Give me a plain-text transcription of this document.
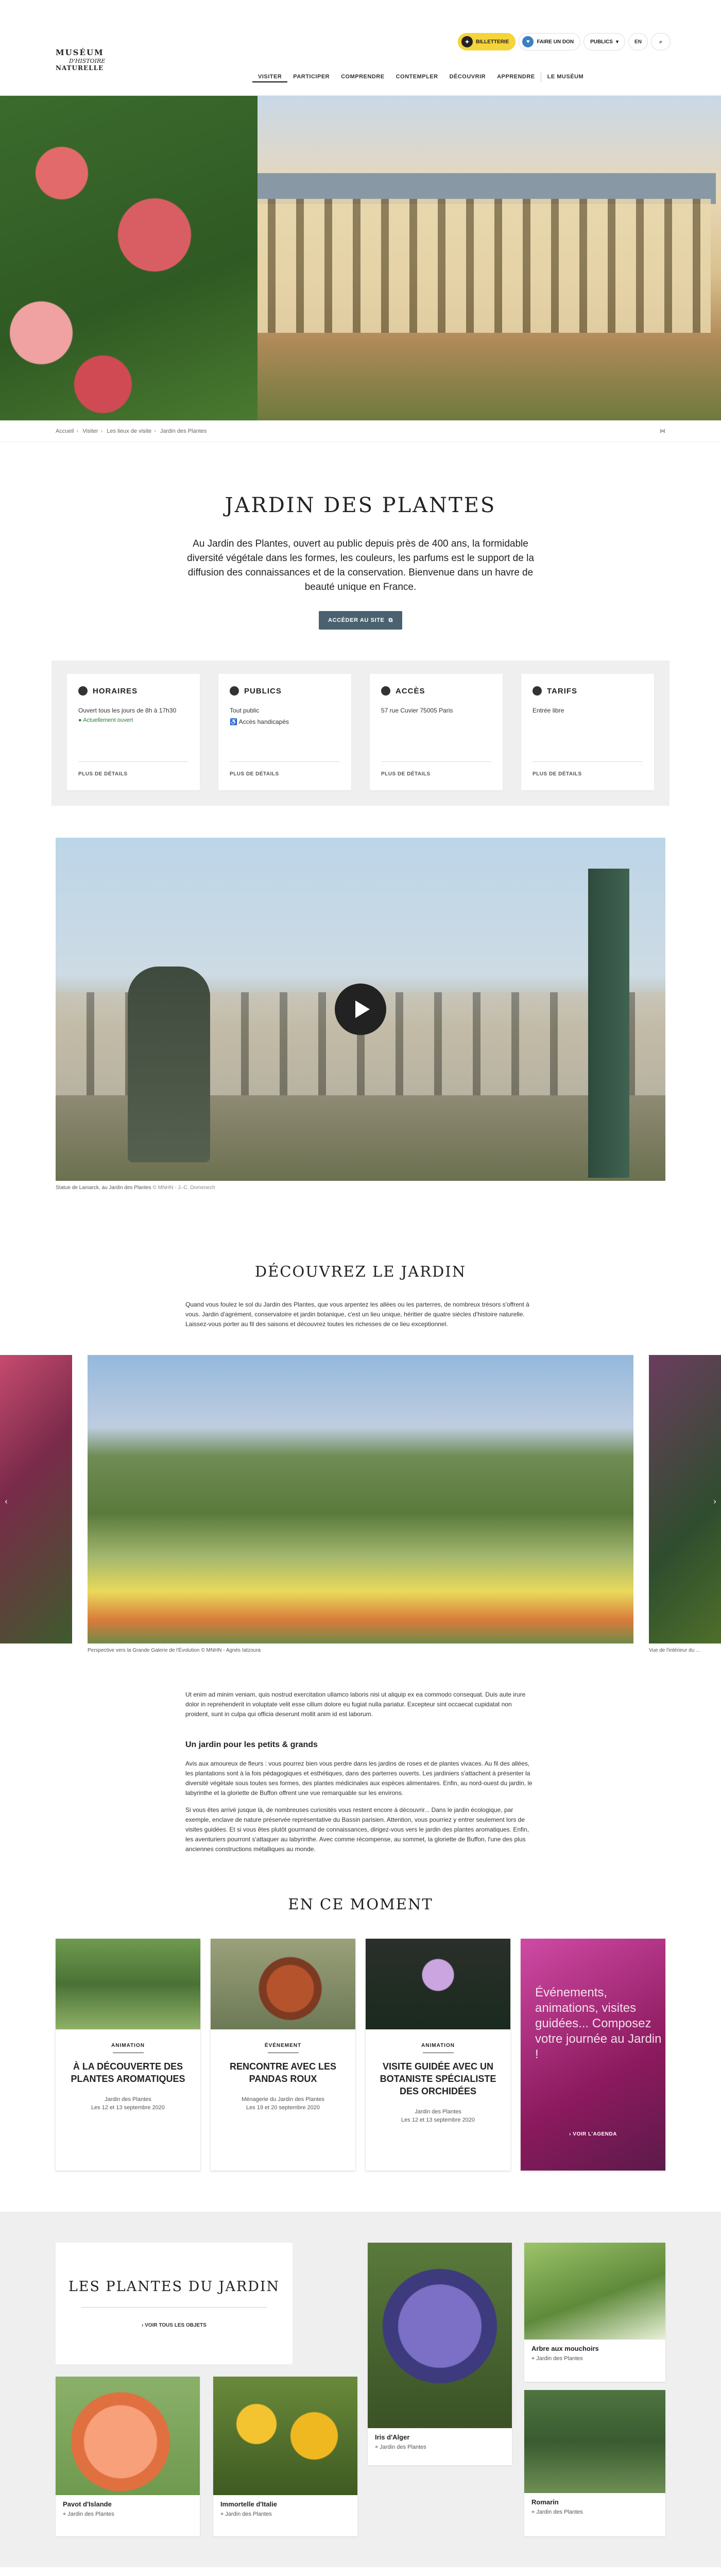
MUSÉUM
D'HISTOIRE
NATURELLE
✦	BILLETTERIE	♥	FAIRE UN DON	PUBLICS ▾	EN	⌕
VISITER	PARTICIPER	COMPRENDRE	CONTEMPLER	DÉCOUVRIR	APPRENDRE	LE MUSÉUM
Accueil › Visiter › Les lieux de visite › Jardin des Plantes	⋈
JARDIN DES PLANTES

Au Jardin des Plantes, ouvert au public depuis près de 400 ans, la formidable diversité végétale dans les formes, les couleurs, les parfums est le support de la diffusion des connaissances et de la conservation. Bienvenue dans un havre de beauté unique en France.

ACCÉDER AU SITE ⧉
HORAIRES

Ouvert tous les jours de 8h à 17h30

● Actuellement ouvert
PLUS DE DÉTAILS
PUBLICS

Tout public

♿ Accès handicapés

PLUS DE DÉTAILS
ACCÈS

57 rue Cuvier 75005 Paris

PLUS DE DÉTAILS
TARIFS

Entrée libre

PLUS DE DÉTAILS
Statue de Lamarck, au Jardin des Plantes © MNHN - J.-C. Domenech
DÉCOUVREZ LE JARDIN

Quand vous foulez le sol du Jardin des Plantes, que vous arpentez les allées ou les parterres, de nombreux trésors s'offrent à vous. Jardin d'agrément, conservatoire et jardin botanique, c'est un lieu unique, héritier de quatre siècles d'histoire naturelle. Laissez-vous porter au fil des saisons et découvrez toutes les richesses de ce lieu exceptionnel.

‹	›
Perspective vers la Grande Galerie de l'Évolution © MNHN - Agnès Iatzoura	Vue de l'intérieur du ...

Ut enim ad minim veniam, quis nostrud exercitation ullamco laboris nisi ut aliquip ex ea commodo consequat. Duis aute irure dolor in reprehenderit in voluptate velit esse cillum dolore eu fugiat nulla pariatur. Excepteur sint occaecat cupidatat non proident, sunt in culpa qui officia deserunt mollit anim id est laborum.

Un jardin pour les petits & grands

Avis aux amoureux de fleurs : vous pourrez bien vous perdre dans les jardins de roses et de plantes vivaces. Au fil des allées, les plantations sont à la fois pédagogiques et esthétiques, dans des parterres ouverts. Les jardiniers s'attachent à présenter la diversité végétale sous toutes ses formes, des plantes médicinales aux espèces alimentaires. Enfin, au nord-ouest du jardin, le labyrinthe et la gloriette de Buffon offrent une vue remarquable sur les environs.

Si vous êtes arrivé jusque là, de nombreuses curiosités vous restent encore à découvrir... Dans le jardin écologique, par exemple, enclave de nature préservée représentative du Bassin parisien. Attention, vous pourriez y entrer seulement lors de visites guidées. Et si vous êtes plutôt gourmand de connaissances, dirigez-vous vers le jardin des plantes aromatiques. Enfin, les aventuriers pourront s'attaquer au labyrinthe. Avec comme récompense, au sommet, la gloriette de Buffon, l'une des plus anciennes constructions métalliques au monde.

EN CE MOMENT
ANIMATION
À LA DÉCOUVERTE DES PLANTES AROMATIQUES
Jardin des Plantes
Les 12 et 13 septembre 2020
ÉVÉNEMENT
RENCONTRE AVEC LES PANDAS ROUX
Ménagerie du Jardin des Plantes
Les 19 et 20 septembre 2020
ANIMATION
VISITE GUIDÉE AVEC UN BOTANISTE SPÉCIALISTE DES ORCHIDÉES
Jardin des Plantes
Les 12 et 13 septembre 2020
Événements, animations, visites guidées... Composez votre journée au Jardin !
› VOIR L'AGENDA
LES PLANTES DU JARDIN
› VOIR TOUS LES OBJETS
Iris d'Alger
⌖ Jardin des Plantes
Arbre aux mouchoirs
⌖ Jardin des Plantes
Pavot d'Islande
⌖ Jardin des Plantes
Immortelle d'Italie
⌖ Jardin des Plantes
Romarin
⌖ Jardin des Plantes
